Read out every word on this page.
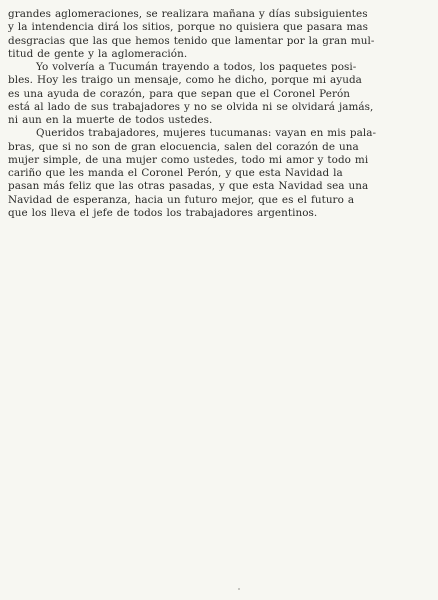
grandes aglomeraciones, se realizara mañana y días subsiguientes
y la intendencia dirá los sitios, porque no quisiera que pasara mas
desgracias que las que hemos tenido que lamentar por la gran mul-
titud de gente y la aglomeración.

Yo volvería a Tucumán trayendo a todos, los paquetes posi-
bles. Hoy les traigo un mensaje, como he dicho, porque mi ayuda
es una ayuda de corazón, para que sepan que el Coronel Perón
está al lado de sus trabajadores y no se olvida ni se olvidará jamás,
ni aun en la muerte de todos ustedes.

Queridos trabajadores, mujeres tucumanas: vayan en mis pala-
bras, que si no son de gran elocuencia, salen del corazón de una
mujer simple, de una mujer como ustedes, todo mi amor y todo mi
cariño que les manda el Coronel Perón, y que esta Navidad la
pasan más feliz que las otras pasadas, y que esta Navidad sea una
Navidad de esperanza, hacia un futuro mejor, que es el futuro a
que los lleva el jefe de todos los trabajadores argentinos.
